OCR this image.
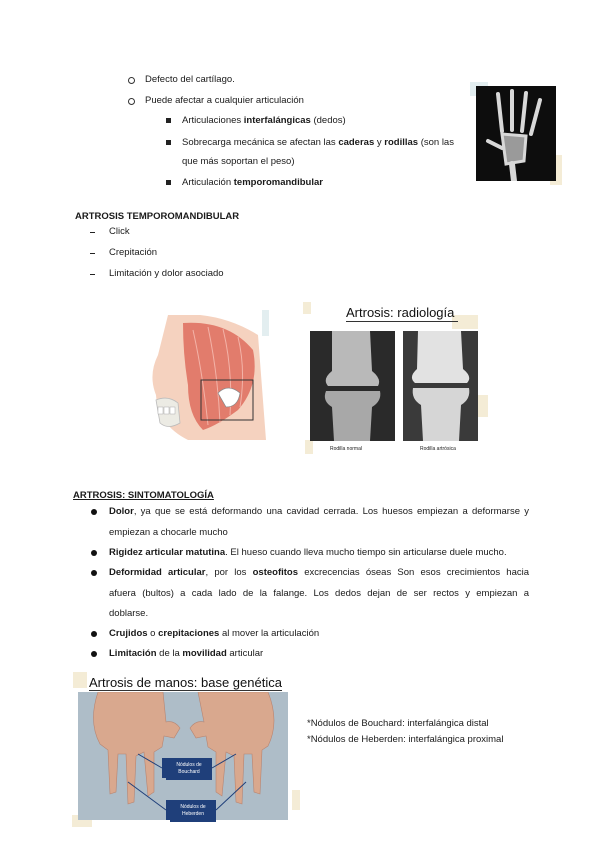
Defecto del cartílago.
Puede afectar a cualquier articulación
Articulaciones interfalángicas (dedos)
Sobrecarga mecánica se afectan las caderas y rodillas (son las
que más soportan el peso)
Articulación temporomandibular
ARTROSIS TEMPOROMANDIBULAR
Click
Crepitación
Limitación y dolor asociado
Artrosis: radiología
Rodilla normal	Rodilla artrósica
ARTROSIS: SINTOMATOLOGÍA
Dolor, ya que se está deformando una cavidad cerrada. Los huesos empiezan a deformarse y
empiezan a chocarle mucho
Rigidez articular matutina. El hueso cuando lleva mucho tiempo sin articularse duele mucho.
Deformidad articular, por los osteofitos excrecencias óseas Son esos crecimientos hacia
afuera (bultos) a cada lado de la falange. Los dedos dejan de ser rectos y empiezan a
doblarse.
Crujidos o crepitaciones al mover la articulación
Limitación de la movilidad articular
Artrosis de manos: base genética
Nódulos de Bouchard
Nódulos de Heberden
*Nódulos de Bouchard: interfalángica distal
*Nódulos de Heberden: interfalángica proximal
